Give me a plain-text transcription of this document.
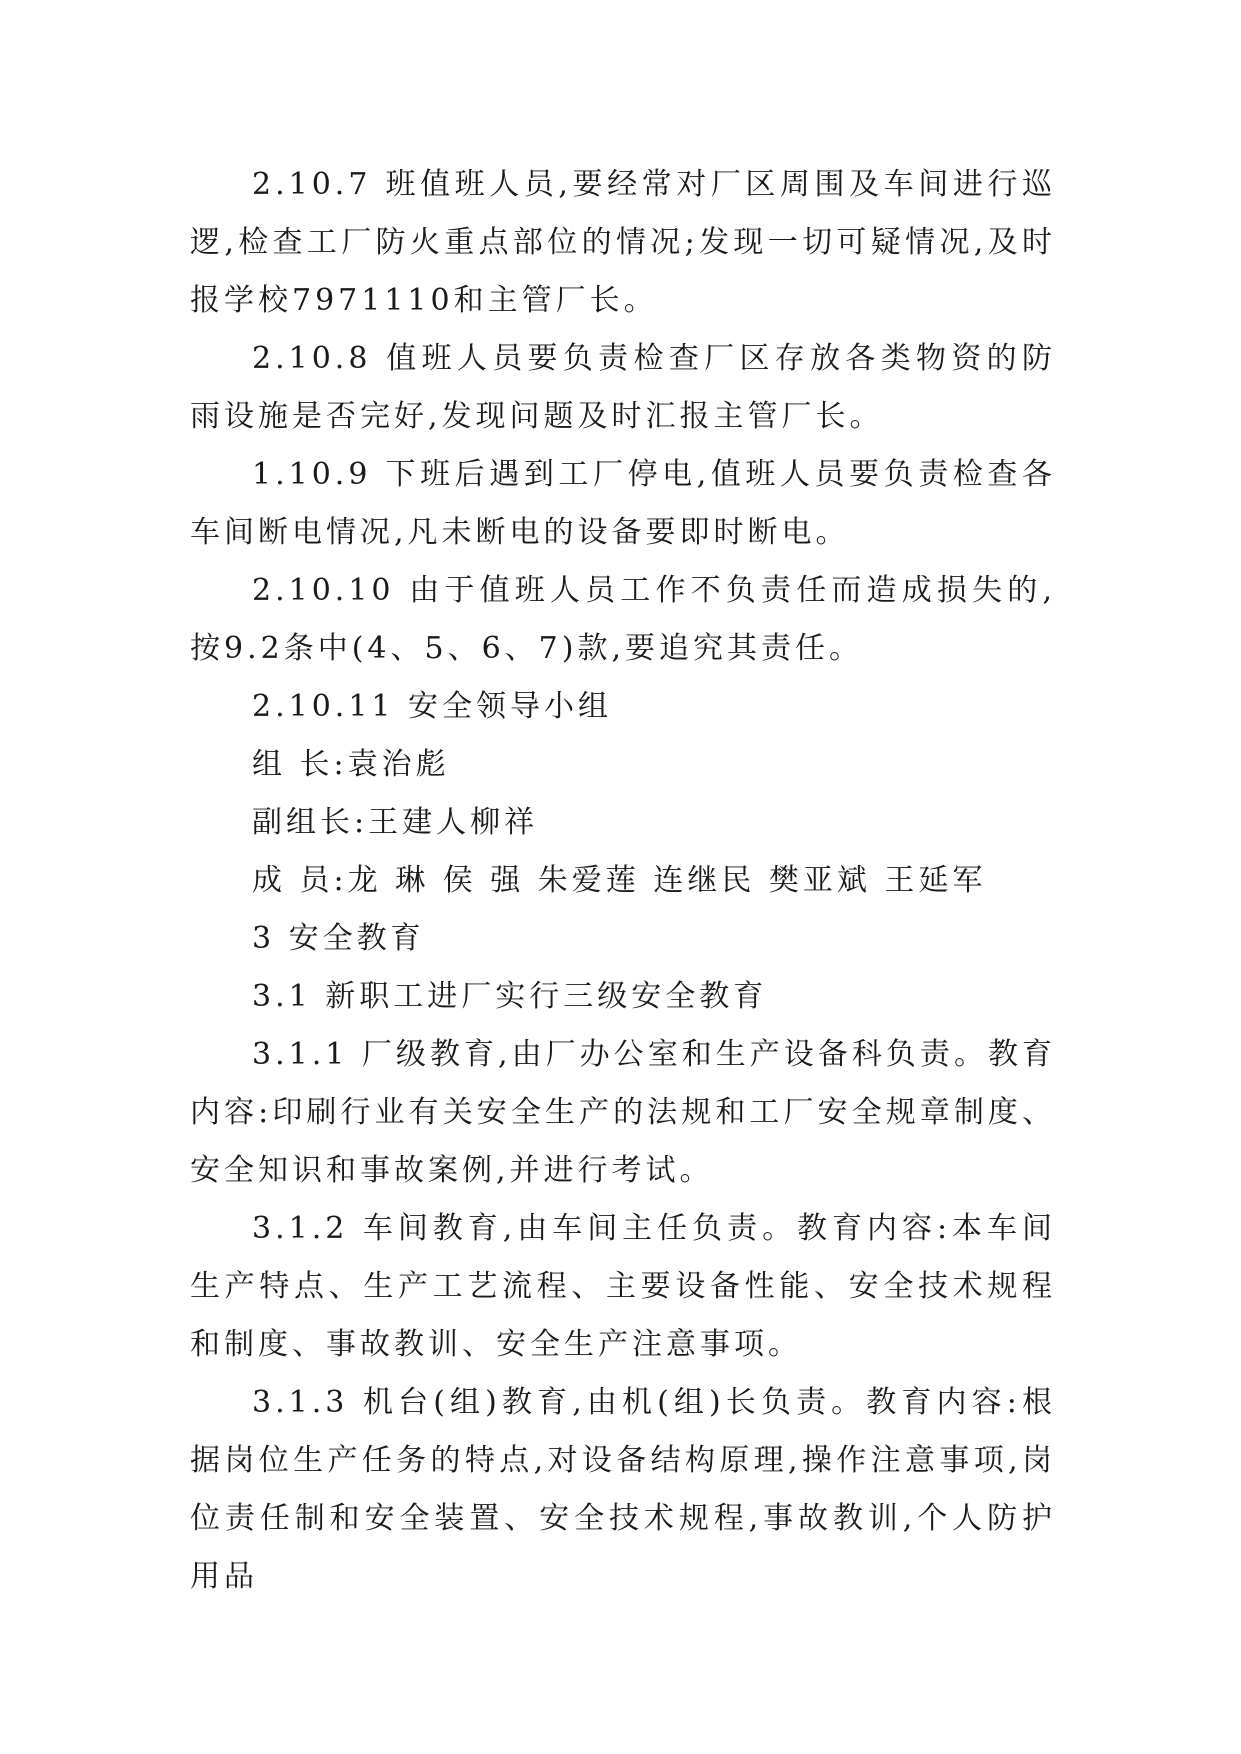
2.10.7 班值班人员,要经常对厂区周围及车间进行巡逻,检查工厂防火重点部位的情况;发现一切可疑情况,及时报学校7971110和主管厂长。

2.10.8 值班人员要负责检查厂区存放各类物资的防雨设施是否完好,发现问题及时汇报主管厂长。

1.10.9 下班后遇到工厂停电,值班人员要负责检查各车间断电情况,凡未断电的设备要即时断电。

2.10.10 由于值班人员工作不负责任而造成损失的,按9.2条中(4、5、6、7)款,要追究其责任。

2.10.11 安全领导小组

组 长:袁治彪

副组长:王建人柳祥

成 员:龙 琳 侯 强 朱爱莲 连继民 樊亚斌 王延军

3 安全教育

3.1 新职工进厂实行三级安全教育

3.1.1 厂级教育,由厂办公室和生产设备科负责。教育内容:印刷行业有关安全生产的法规和工厂安全规章制度、安全知识和事故案例,并进行考试。

3.1.2 车间教育,由车间主任负责。教育内容:本车间生产特点、生产工艺流程、主要设备性能、安全技术规程和制度、事故教训、安全生产注意事项。

3.1.3 机台(组)教育,由机(组)长负责。教育内容:根据岗位生产任务的特点,对设备结构原理,操作注意事项,岗位责任制和安全装置、安全技术规程,事故教训,个人防护用品
